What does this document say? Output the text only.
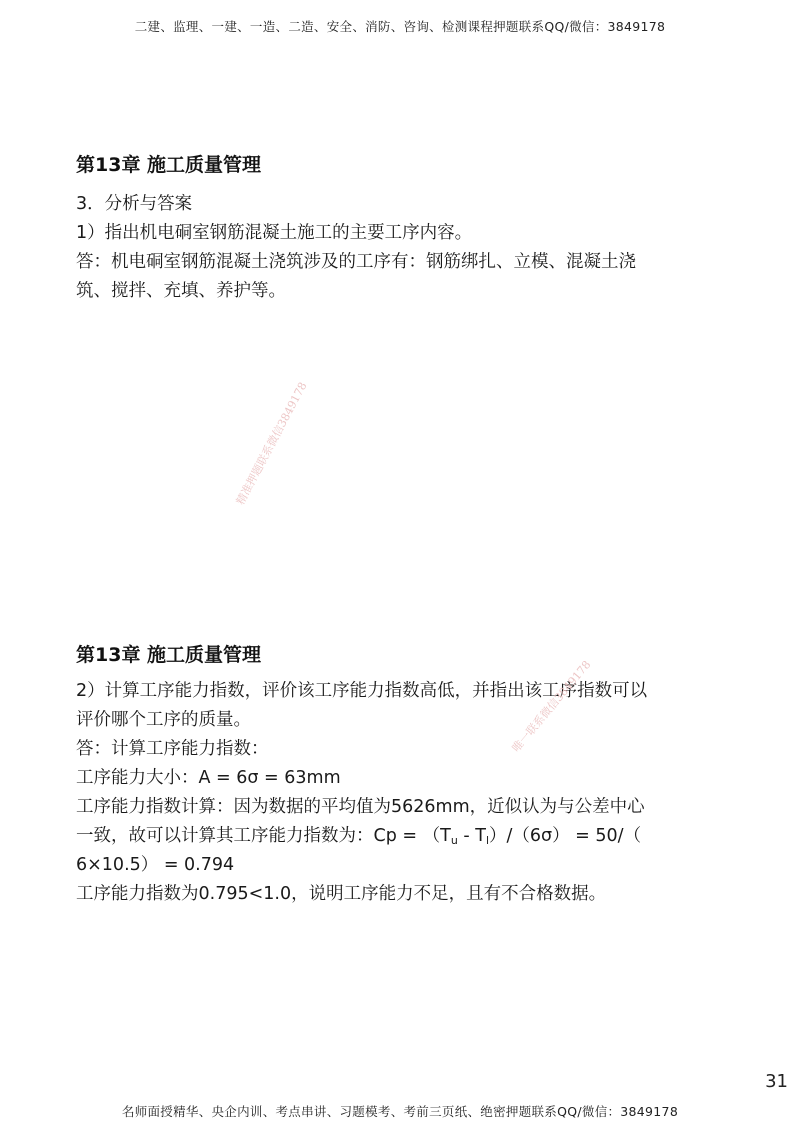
二建、监理、一建、一造、二造、安全、消防、咨询、检测课程押题联系QQ/微信：3849178
第13章 施工质量管理

3．分析与答案

1）指出机电硐室钢筋混凝土施工的主要工序内容。

答：机电硐室钢筋混凝土浇筑涉及的工序有：钢筋绑扎、立模、混凝土浇

筑、搅拌、充填、养护等。

精准押题联系微信3849178
第13章 施工质量管理

2）计算工序能力指数，评价该工序能力指数高低，并指出该工序指数可以

评价哪个工序的质量。

答：计算工序能力指数：

工序能力大小：A = 6σ = 63mm

工序能力指数计算：因为数据的平均值为5626mm，近似认为与公差中心

一致，故可以计算其工序能力指数为：$Cp = (T_u - T_l)/(6\sigma) = 50/$（

6×10.5） = 0.794

工序能力指数为0.795<1.0，说明工序能力不足，且有不合格数据。

唯一联系微信3849178
31
名师面授精华、央企内训、考点串讲、习题模考、考前三页纸、绝密押题联系QQ/微信：3849178
